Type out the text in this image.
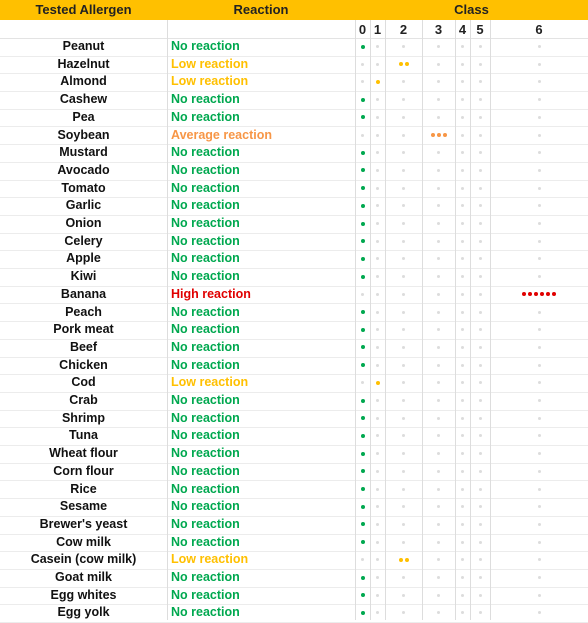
Tested Allergen	Reaction	Class
0 1	2	3	4 5	6
Peanut	No reaction
Hazelnut	Low reaction
Almond	Low reaction
Cashew	No reaction
Pea	No reaction
Soybean	Average reaction
Mustard	No reaction
Avocado	No reaction
Tomato	No reaction
Garlic	No reaction
Onion	No reaction
Celery	No reaction
Apple	No reaction
Kiwi	No reaction
Banana	High reaction
Peach	No reaction
Pork meat	No reaction
Beef	No reaction
Chicken	No reaction
Cod	Low reaction
Crab	No reaction
Shrimp	No reaction
Tuna	No reaction
Wheat flour	No reaction
Corn flour	No reaction
Rice	No reaction
Sesame	No reaction
Brewer's yeast	No reaction
Cow milk	No reaction
Casein (cow milk)	Low reaction
Goat milk	No reaction
Egg whites	No reaction
Egg yolk	No reaction
